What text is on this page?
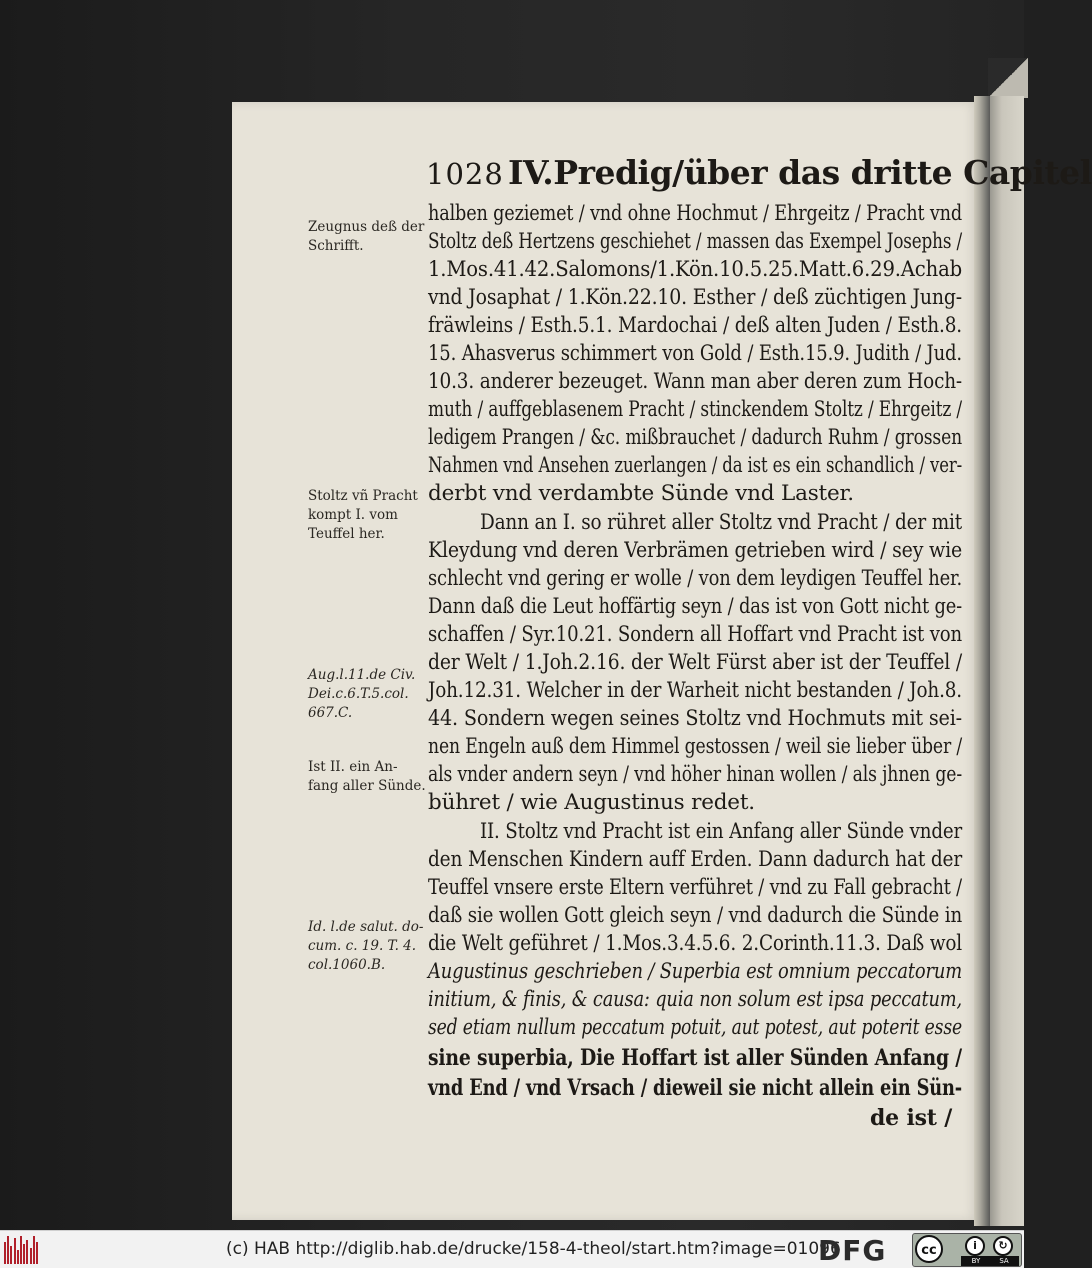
1028 IV.Predig/über das dritte Capitel
halben geziemet / vnd ohne Hochmut / Ehrgeitz / Pracht vnd
Stoltz deß Hertzens geschiehet / massen das Exempel Josephs /
1.Mos.41.42.Salomons/1.Kön.10.5.25.Matt.6.29.Achab
vnd Josaphat / 1.Kön.22.10. Esther / deß züchtigen Jung-
fräwleins / Esth.5.1. Mardochai / deß alten Juden / Esth.8.
15. Ahasverus schimmert von Gold / Esth.15.9. Judith / Jud.
10.3. anderer bezeuget. Wann man aber deren zum Hoch-
muth / auffgeblasenem Pracht / stinckendem Stoltz / Ehrgeitz /
ledigem Prangen / &c. mißbrauchet / dadurch Ruhm / grossen
Nahmen vnd Ansehen zuerlangen / da ist es ein schandlich / ver-
derbt vnd verdambte Sünde vnd Laster.
Dann an I. so rühret aller Stoltz vnd Pracht / der mit
Kleydung vnd deren Verbrämen getrieben wird / sey wie
schlecht vnd gering er wolle / von dem leydigen Teuffel her.
Dann daß die Leut hoffärtig seyn / das ist von Gott nicht ge-
schaffen / Syr.10.21. Sondern all Hoffart vnd Pracht ist von
der Welt / 1.Joh.2.16. der Welt Fürst aber ist der Teuffel /
Joh.12.31. Welcher in der Warheit nicht bestanden / Joh.8.
44. Sondern wegen seines Stoltz vnd Hochmuts mit sei-
nen Engeln auß dem Himmel gestossen / weil sie lieber über /
als vnder andern seyn / vnd höher hinan wollen / als jhnen ge-
bühret / wie Augustinus redet.
II. Stoltz vnd Pracht ist ein Anfang aller Sünde vnder
den Menschen Kindern auff Erden. Dann dadurch hat der
Teuffel vnsere erste Eltern verführet / vnd zu Fall gebracht /
daß sie wollen Gott gleich seyn / vnd dadurch die Sünde in
die Welt geführet / 1.Mos.3.4.5.6. 2.Corinth.11.3. Daß wol
Augustinus geschrieben / Superbia est omnium peccatorum
initium, & finis, & causa: quia non solum est ipsa peccatum,
sed etiam nullum peccatum potuit, aut potest, aut poterit esse
sine superbia, Die Hoffart ist aller Sünden Anfang /
vnd End / vnd Vrsach / dieweil sie nicht allein ein Sün-
de ist /
Zeugnus deß der
Schrifft.
Stoltz vñ Pracht
kompt I. vom
Teuffel her.
Aug.l.11.de Civ.
Dei.c.6.T.5.col.
667.C.
Ist II. ein An-
fang aller Sünde.
Id. l.de salut. do-
cum. c. 19. T. 4.
col.1060.B.
(c) HAB http://diglib.hab.de/drucke/158-4-theol/start.htm?image=01096
DFG	cc	i	↻
BY	SA
